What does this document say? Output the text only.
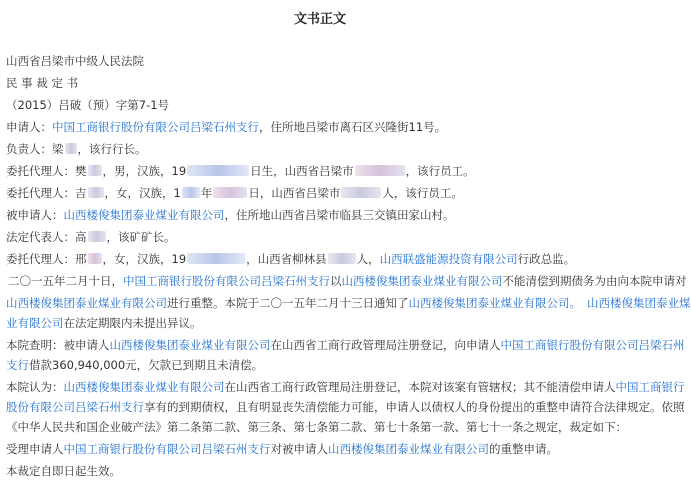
文书正文
山西省吕梁市中级人民法院
民 事 裁 定 书
（2015）吕破（预）字第7-1号
申请人：中国工商银行股份有限公司吕梁石州支行，住所地吕梁市离石区兴隆街11号。
负责人：梁 ，该行行长。
委托代理人：樊 ，男，汉族，19	日生，山西省吕梁市	，该行员工。
委托代理人：吉 ，女，汉族，1 年	日，山西省吕梁市	人，该行员工。
被申请人：山西楼俊集团泰业煤业有限公司，住所地山西省吕梁市临县三交镇田家山村。
法定代表人：高 ，该矿矿长。
委托代理人：邢 ，女，汉族，19	，山西省柳林县	人，山西联盛能源投资有限公司行政总监。
二〇一五年二月十日，中国工商银行股份有限公司吕梁石州支行以山西楼俊集团泰业煤业有限公司不能清偿到期债务为由向本院申请对
山西楼俊集团泰业煤业有限公司进行重整。本院于二〇一五年二月十三日通知了山西楼俊集团泰业煤业有限公司。 山西楼俊集团泰业煤
业有限公司在法定期限内未提出异议。
本院查明：被申请人山西楼俊集团泰业煤业有限公司在山西省工商行政管理局注册登记，向申请人中国工商银行股份有限公司吕梁石州
支行借款360,940,000元，欠款已到期且未清偿。
本院认为：山西楼俊集团泰业煤业有限公司在山西省工商行政管理局注册登记，本院对该案有管辖权；其不能清偿申请人中国工商银行
股份有限公司吕梁石州支行享有的到期债权，且有明显丧失清偿能力可能，申请人以债权人的身份提出的重整申请符合法律规定。依照
《中华人民共和国企业破产法》第二条第二款、第三条、第七条第二款、第七十条第一款、第七十一条之规定，裁定如下：
受理申请人中国工商银行股份有限公司吕梁石州支行对被申请人山西楼俊集团泰业煤业有限公司的重整申请。
本裁定自即日起生效。
